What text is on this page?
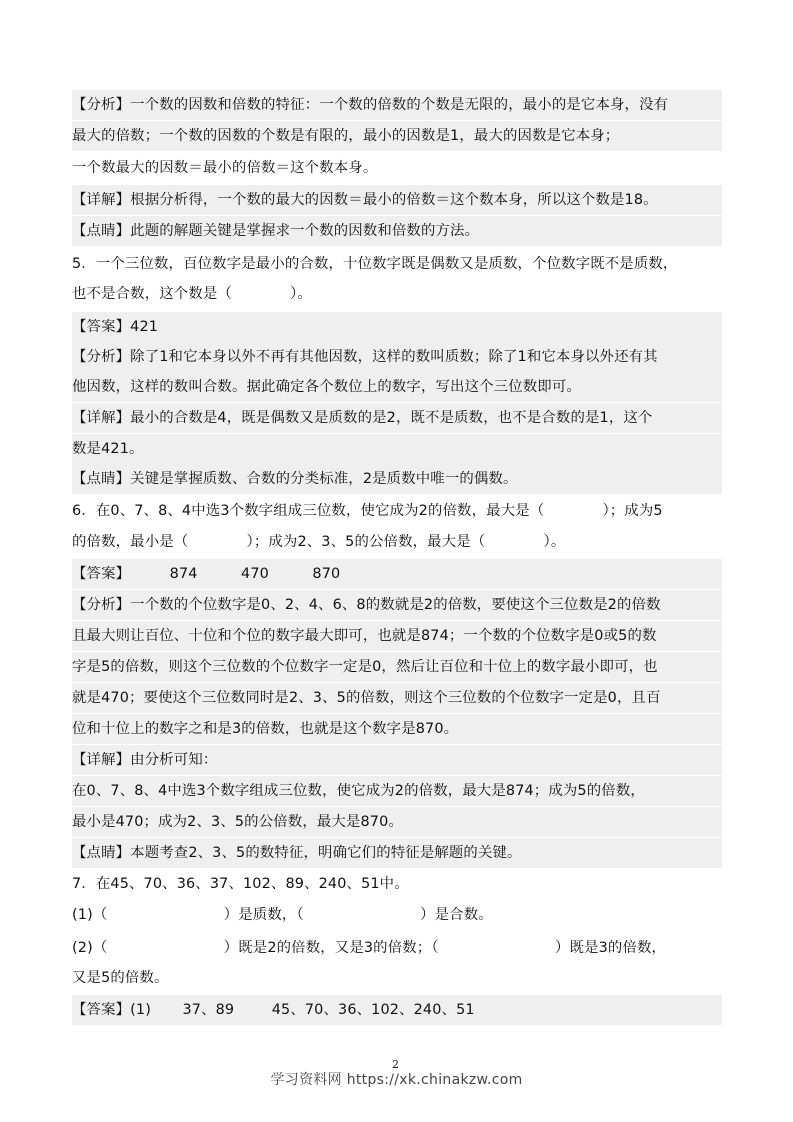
【分析】一个数的因数和倍数的特征：一个数的倍数的个数是无限的，最小的是它本身，没有
最大的倍数；一个数的因数的个数是有限的，最小的因数是1，最大的因数是它本身；
一个数最大的因数＝最小的倍数＝这个数本身。
【详解】根据分析得，一个数的最大的因数＝最小的倍数＝这个数本身，所以这个数是18。
【点睛】此题的解题关键是掌握求一个数的因数和倍数的方法。
5．一个三位数，百位数字是最小的合数，十位数字既是偶数又是质数，个位数字既不是质数，
也不是合数，这个数是（　　　　）。
【答案】421
【分析】除了1和它本身以外不再有其他因数，这样的数叫质数；除了1和它本身以外还有其
他因数，这样的数叫合数。据此确定各个数位上的数字，写出这个三位数即可。
【详解】最小的合数是4，既是偶数又是质数的是2，既不是质数，也不是合数的是1，这个
数是421。
【点睛】关键是掌握质数、合数的分类标准，2是质数中唯一的偶数。
6．在0、7、8、4中选3个数字组成三位数，使它成为2的倍数，最大是（　　　　）；成为5
的倍数，最小是（　　　　）；成为2、3、5的公倍数，最大是（　　　　）。
【答案】	874	470	870
【分析】一个数的个位数字是0、2、4、6、8的数就是2的倍数，要使这个三位数是2的倍数
且最大则让百位、十位和个位的数字最大即可，也就是874；一个数的个位数字是0或5的数
字是5的倍数，则这个三位数的个位数字一定是0，然后让百位和十位上的数字最小即可，也
就是470；要使这个三位数同时是2、3、5的倍数，则这个三位数的个位数字一定是0，且百
位和十位上的数字之和是3的倍数，也就是这个数字是870。
【详解】由分析可知：
在0、7、8、4中选3个数字组成三位数，使它成为2的倍数，最大是874；成为5的倍数，
最小是470；成为2、3、5的公倍数，最大是870。
【点睛】本题考查2、3、5的数特征，明确它们的特征是解题的关键。
7．在45、70、36、37、102、89、240、51中。
(1)（　　　　　　　　）是质数，（　　　　　　　　）是合数。
(2)（　　　　　　　　）既是2的倍数，又是3的倍数；（　　　　　　　　）既是3的倍数，
又是5的倍数。
【答案】(1) 37、89	45、70、36、102、240、51
2
学习资料网 https://xk.chinakzw.com
